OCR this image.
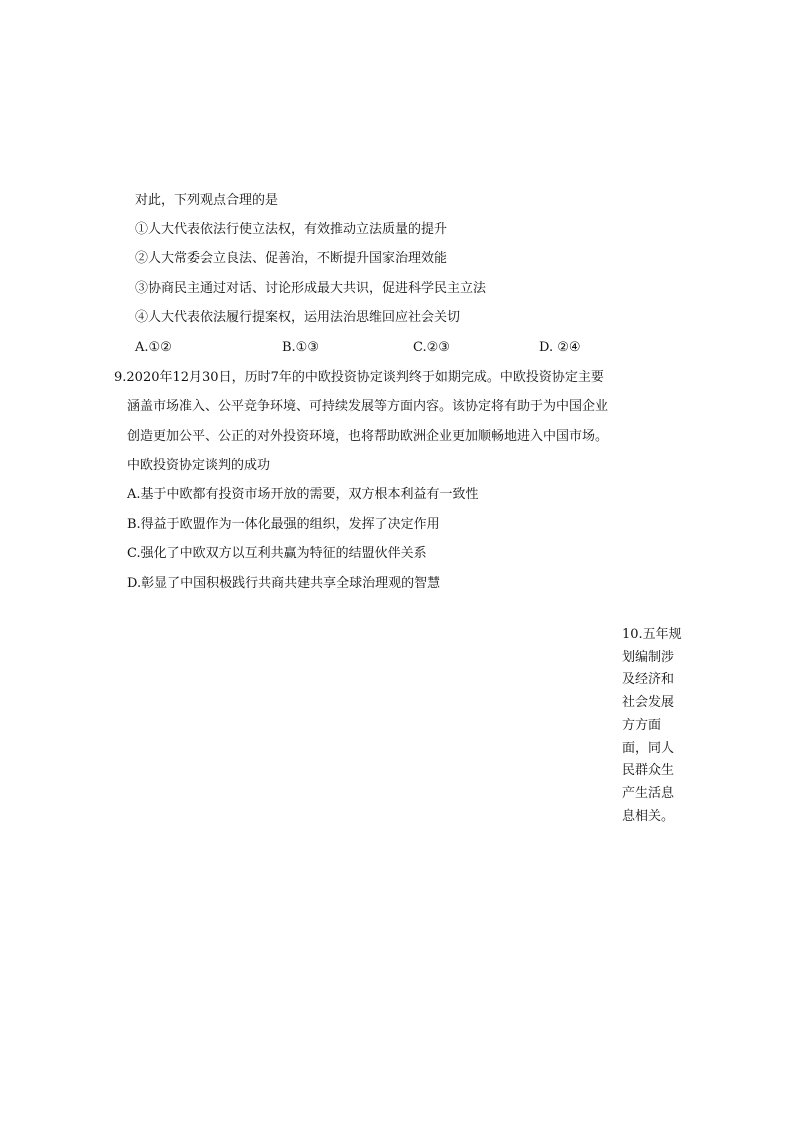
对此，下列观点合理的是
①人大代表依法行使立法权，有效推动立法质量的提升
②人大常委会立良法、促善治，不断提升国家治理效能
③协商民主通过对话、讨论形成最大共识，促进科学民主立法
④人大代表依法履行提案权，运用法治思维回应社会关切
A.①②	B.①③	C.②③	D. ②④
9.2020年12月30日，历时7年的中欧投资协定谈判终于如期完成。中欧投资协定主要
涵盖市场准入、公平竞争环境、可持续发展等方面内容。该协定将有助于为中国企业
创造更加公平、公正的对外投资环境，也将帮助欧洲企业更加顺畅地进入中国市场。
中欧投资协定谈判的成功
A.基于中欧都有投资市场开放的需要，双方根本利益有一致性
B.得益于欧盟作为一体化最强的组织，发挥了决定作用
C.强化了中欧双方以互利共赢为特征的结盟伙伴关系
D.彰显了中国积极践行共商共建共享全球治理观的智慧
10.五年规划编制涉及经济和社会发展方方面面，同人民群众生产生活息息相关。
